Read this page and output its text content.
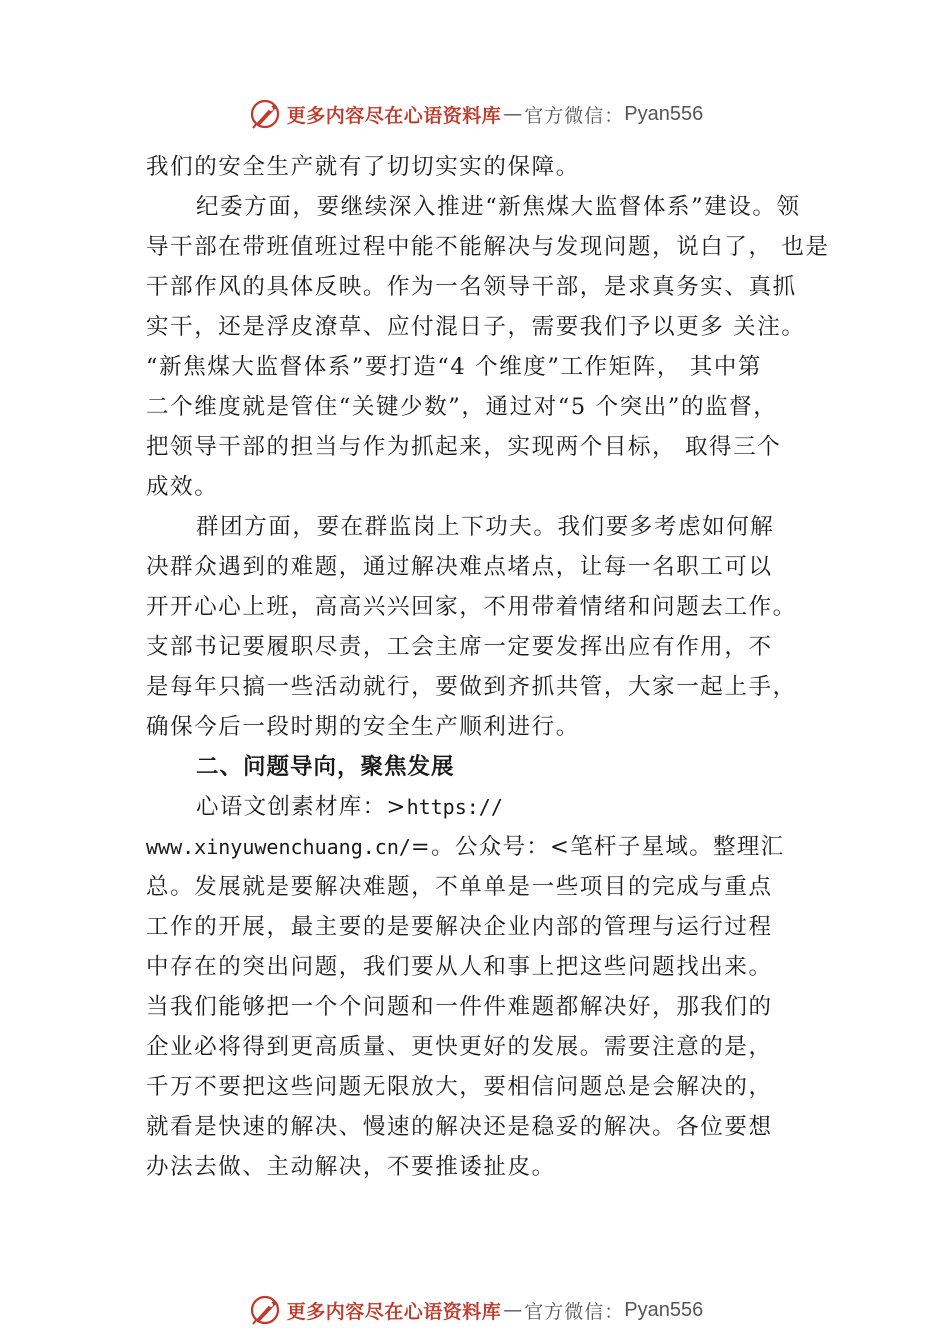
更多内容尽在心语资料库 — 官方微信： Pyan556
我们的安全生产就有了切切实实的保障。
纪委方面，要继续深入推进“新焦煤大监督体系”建设。领
导干部在带班值班过程中能不能解决与发现问题，说白了， 也是
干部作风的具体反映。作为一名领导干部，是求真务实、真抓
实干，还是浮皮潦草、应付混日子，需要我们予以更多 关注。
“新焦煤大监督体系”要打造“4 个维度”工作矩阵， 其中第
二个维度就是管住“关键少数”，通过对“5 个突出”的监督，
把领导干部的担当与作为抓起来，实现两个目标， 取得三个
成效。
群团方面，要在群监岗上下功夫。我们要多考虑如何解
决群众遇到的难题，通过解决难点堵点，让每一名职工可以
开开心心上班，高高兴兴回家，不用带着情绪和问题去工作。
支部书记要履职尽责，工会主席一定要发挥出应有作用，不
是每年只搞一些活动就行，要做到齐抓共管，大家一起上手，
确保今后一段时期的安全生产顺利进行。
二、问题导向，聚焦发展
心语文创素材库：>https://
www.xinyuwenchuang.cn/=。公众号：<笔杆子星域。整理汇
总。发展就是要解决难题，不单单是一些项目的完成与重点
工作的开展，最主要的是要解决企业内部的管理与运行过程
中存在的突出问题，我们要从人和事上把这些问题找出来。
当我们能够把一个个问题和一件件难题都解决好，那我们的
企业必将得到更高质量、更快更好的发展。需要注意的是，
千万不要把这些问题无限放大，要相信问题总是会解决的，
就看是快速的解决、慢速的解决还是稳妥的解决。各位要想
办法去做、主动解决，不要推诿扯皮。
更多内容尽在心语资料库 — 官方微信： Pyan556
